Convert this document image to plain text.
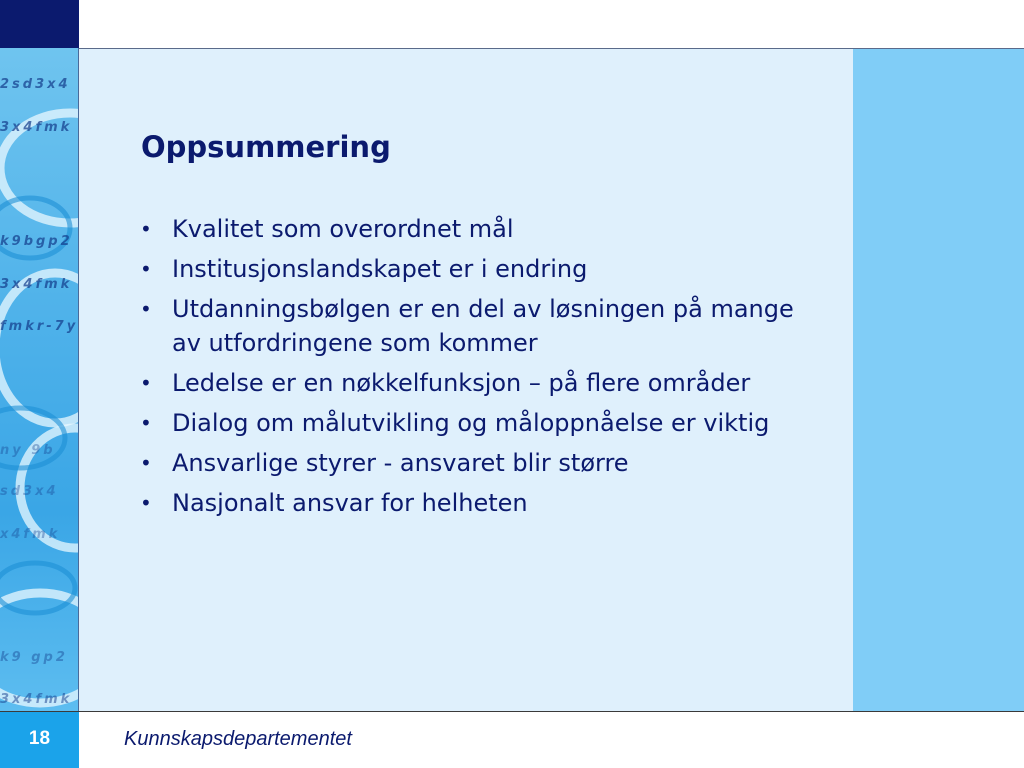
2sd3x4
3x4fmk
k9bgp2
3x4fmk
fmkr-7y
ny 9b
sd3x4
x4fmk
k9 gp2
3x4fmk
Oppsummering
• Kvalitet som overordnet mål
• Institusjonslandskapet er i endring
• Utdanningsbølgen er en del av løsningen på mange av utfordringene som kommer
• Ledelse er en nøkkelfunksjon – på flere områder
• Dialog om målutvikling og måloppnåelse er viktig
• Ansvarlige styrer - ansvaret blir større
• Nasjonalt ansvar for helheten
18	Kunnskapsdepartementet
